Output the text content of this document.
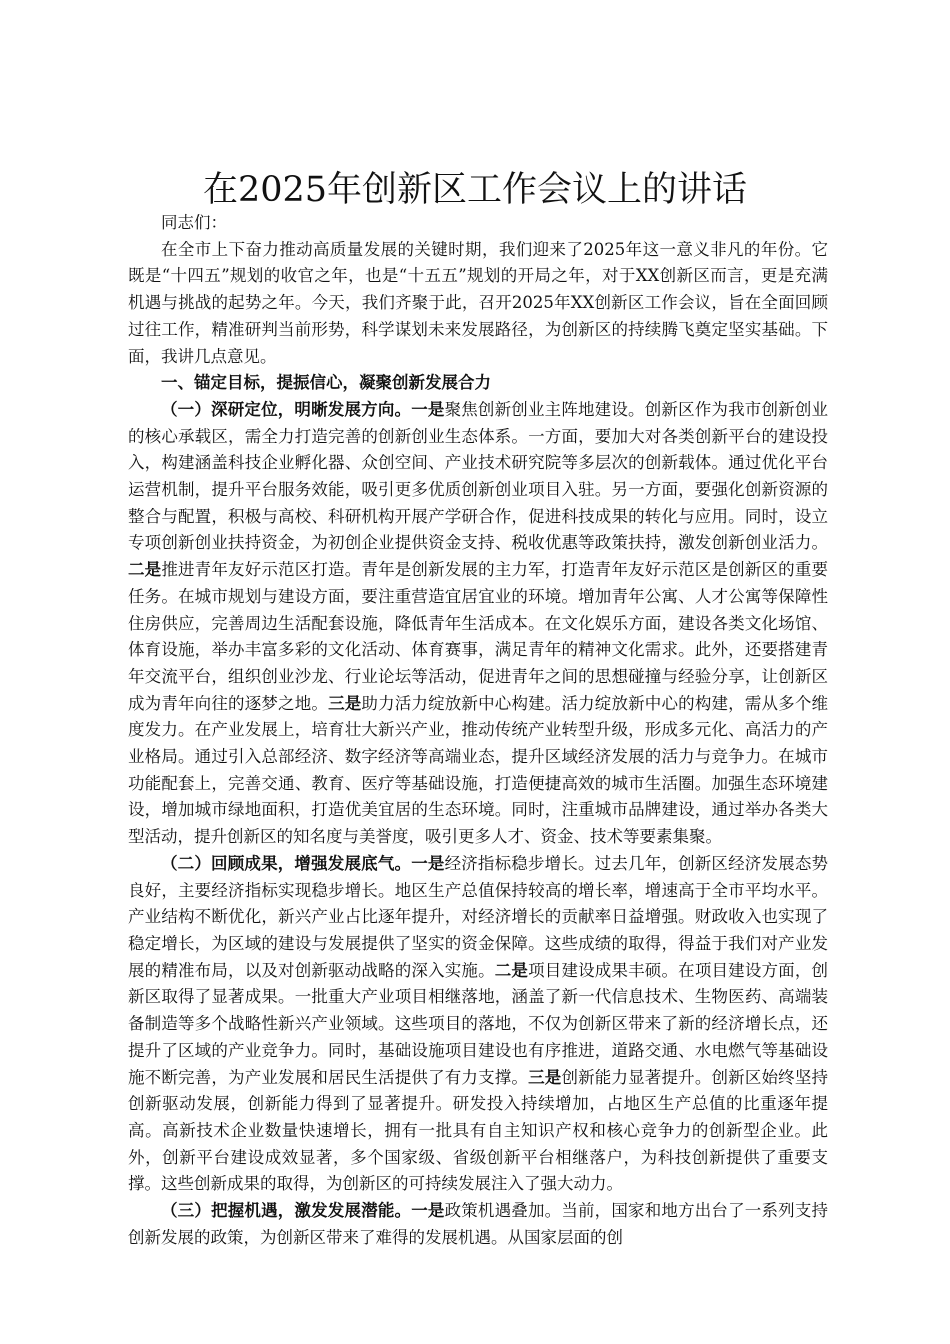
在2025年创新区工作会议上的讲话

同志们：

在全市上下奋力推动高质量发展的关键时期，我们迎来了2025年这一意义非凡的年份。它既是“十四五”规划的收官之年，也是“十五五”规划的开局之年，对于XX创新区而言，更是充满机遇与挑战的起势之年。今天，我们齐聚于此，召开2025年XX创新区工作会议，旨在全面回顾过往工作，精准研判当前形势，科学谋划未来发展路径，为创新区的持续腾飞奠定坚实基础。下面，我讲几点意见。

一、锚定目标，提振信心，凝聚创新发展合力

（一）深研定位，明晰发展方向。一是聚焦创新创业主阵地建设。创新区作为我市创新创业的核心承载区，需全力打造完善的创新创业生态体系。一方面，要加大对各类创新平台的建设投入，构建涵盖科技企业孵化器、众创空间、产业技术研究院等多层次的创新载体。通过优化平台运营机制，提升平台服务效能，吸引更多优质创新创业项目入驻。另一方面，要强化创新资源的整合与配置，积极与高校、科研机构开展产学研合作，促进科技成果的转化与应用。同时，设立专项创新创业扶持资金，为初创企业提供资金支持、税收优惠等政策扶持，激发创新创业活力。二是推进青年友好示范区打造。青年是创新发展的主力军，打造青年友好示范区是创新区的重要任务。在城市规划与建设方面，要注重营造宜居宜业的环境。增加青年公寓、人才公寓等保障性住房供应，完善周边生活配套设施，降低青年生活成本。在文化娱乐方面，建设各类文化场馆、体育设施，举办丰富多彩的文化活动、体育赛事，满足青年的精神文化需求。此外，还要搭建青年交流平台，组织创业沙龙、行业论坛等活动，促进青年之间的思想碰撞与经验分享，让创新区成为青年向往的逐梦之地。三是助力活力绽放新中心构建。活力绽放新中心的构建，需从多个维度发力。在产业发展上，培育壮大新兴产业，推动传统产业转型升级，形成多元化、高活力的产业格局。通过引入总部经济、数字经济等高端业态，提升区域经济发展的活力与竞争力。在城市功能配套上，完善交通、教育、医疗等基础设施，打造便捷高效的城市生活圈。加强生态环境建设，增加城市绿地面积，打造优美宜居的生态环境。同时，注重城市品牌建设，通过举办各类大型活动，提升创新区的知名度与美誉度，吸引更多人才、资金、技术等要素集聚。

（二）回顾成果，增强发展底气。一是经济指标稳步增长。过去几年，创新区经济发展态势良好，主要经济指标实现稳步增长。地区生产总值保持较高的增长率，增速高于全市平均水平。产业结构不断优化，新兴产业占比逐年提升，对经济增长的贡献率日益增强。财政收入也实现了稳定增长，为区域的建设与发展提供了坚实的资金保障。这些成绩的取得，得益于我们对产业发展的精准布局，以及对创新驱动战略的深入实施。二是项目建设成果丰硕。在项目建设方面，创新区取得了显著成果。一批重大产业项目相继落地，涵盖了新一代信息技术、生物医药、高端装备制造等多个战略性新兴产业领域。这些项目的落地，不仅为创新区带来了新的经济增长点，还提升了区域的产业竞争力。同时，基础设施项目建设也有序推进，道路交通、水电燃气等基础设施不断完善，为产业发展和居民生活提供了有力支撑。三是创新能力显著提升。创新区始终坚持创新驱动发展，创新能力得到了显著提升。研发投入持续增加，占地区生产总值的比重逐年提高。高新技术企业数量快速增长，拥有一批具有自主知识产权和核心竞争力的创新型企业。此外，创新平台建设成效显著，多个国家级、省级创新平台相继落户，为科技创新提供了重要支撑。这些创新成果的取得，为创新区的可持续发展注入了强大动力。

（三）把握机遇，激发发展潜能。一是政策机遇叠加。当前，国家和地方出台了一系列支持创新发展的政策，为创新区带来了难得的发展机遇。从国家层面的创
